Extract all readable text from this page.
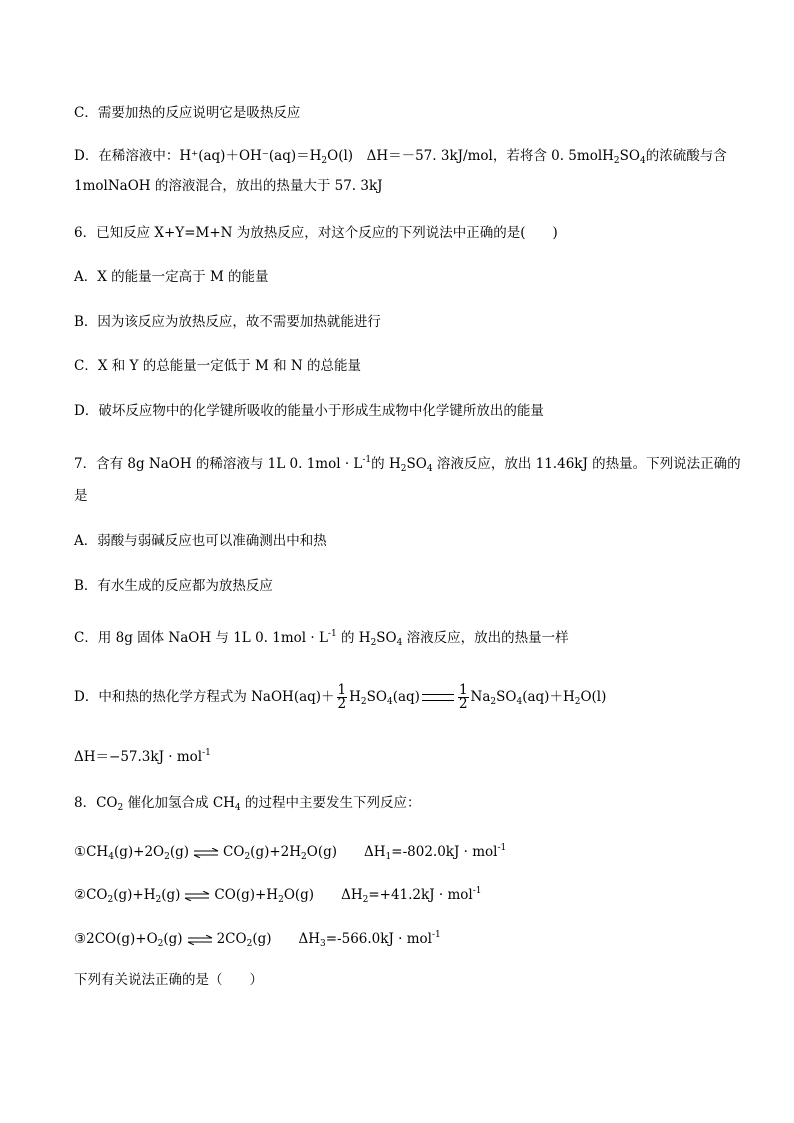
C．需要加热的反应说明它是吸热反应
D．在稀溶液中：$H^+(aq)+OH^-(aq)=H_2O(l)$　ΔH＝－57. 3kJ/mol，若将含 0. $5molH_2SO_4$的浓硫酸与含
1molNaOH 的溶液混合，放出的热量大于 57. 3kJ
6．已知反应 X+Y=M+N 为放热反应，对这个反应的下列说法中正确的是(　　)
A．X 的能量一定高于 M 的能量
B．因为该反应为放热反应，故不需要加热就能进行
C．X 和 Y 的总能量一定低于 M 和 N 的总能量
D．破坏反应物中的化学键所吸收的能量小于形成生成物中化学键所放出的能量
7．含有 8g NaOH 的稀溶液与 1L 0. $1mol \cdot L^{-1}$的 $H_2SO_4$ 溶液反应，放出 11.46kJ 的热量。下列说法正确的
是
A．弱酸与弱碱反应也可以准确测出中和热
B．有水生成的反应都为放热反应
C．用 8g 固体 NaOH 与 1L 0. $1mol \cdot L^{-1}$ 的 $H_2SO_4$ 溶液反应，放出的热量一样
D．中和热的热化学方程式为 NaOH(aq)＋ $\frac{1}{2} H_2SO_4(aq)$	$\frac{1}{2} Na_2SO_4(aq)+H_2O(l)$
ΔH＝−57.3kJ · mol$^{-1}$
8．$CO_2$ 催化加氢合成 $CH_4$ 的过程中主要发生下列反应：
$①CH_4(g)+2O_2(g)$ ⇌ $CO_2(g)+2H_2O(g)$　　$\Delta H_1=-802.0kJ \cdot mol^{-1}$
$②CO_2(g)+H_2(g)$ ⇌ $CO(g)+H_2O(g)$　　$\Delta H_2=+41.2kJ \cdot mol^{-1}$
$③2CO(g)+O_2(g)$ ⇌ $2CO_2(g)$　　$\Delta H_3=-566.0kJ \cdot mol^{-1}$
下列有关说法正确的是（　　）
